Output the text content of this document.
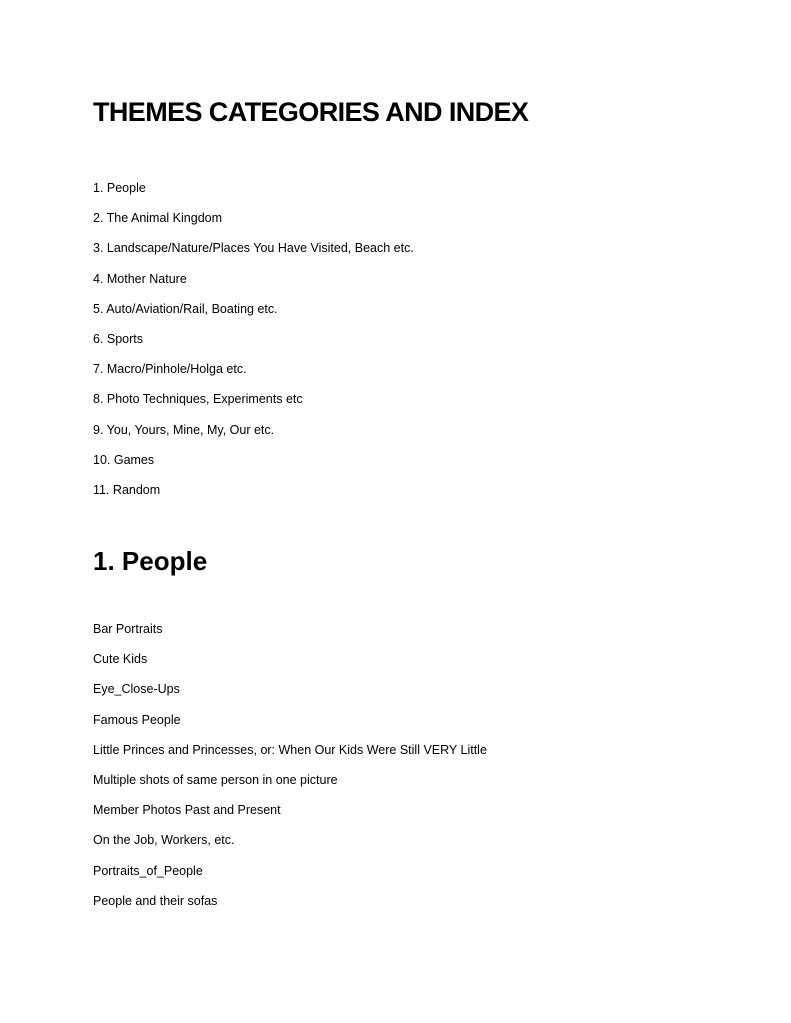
THEMES CATEGORIES AND INDEX
1. People
2. The Animal Kingdom
3. Landscape/Nature/Places You Have Visited, Beach etc.
4. Mother Nature
5. Auto/Aviation/Rail, Boating etc.
6. Sports
7. Macro/Pinhole/Holga etc.
8. Photo Techniques, Experiments etc
9. You, Yours, Mine, My, Our etc.
10. Games
11. Random
1. People
Bar Portraits
Cute Kids
Eye_Close-Ups
Famous People
Little Princes and Princesses, or: When Our Kids Were Still VERY Little
Multiple shots of same person in one picture
Member Photos Past and Present
On the Job, Workers, etc.
Portraits_of_People
People and their sofas
